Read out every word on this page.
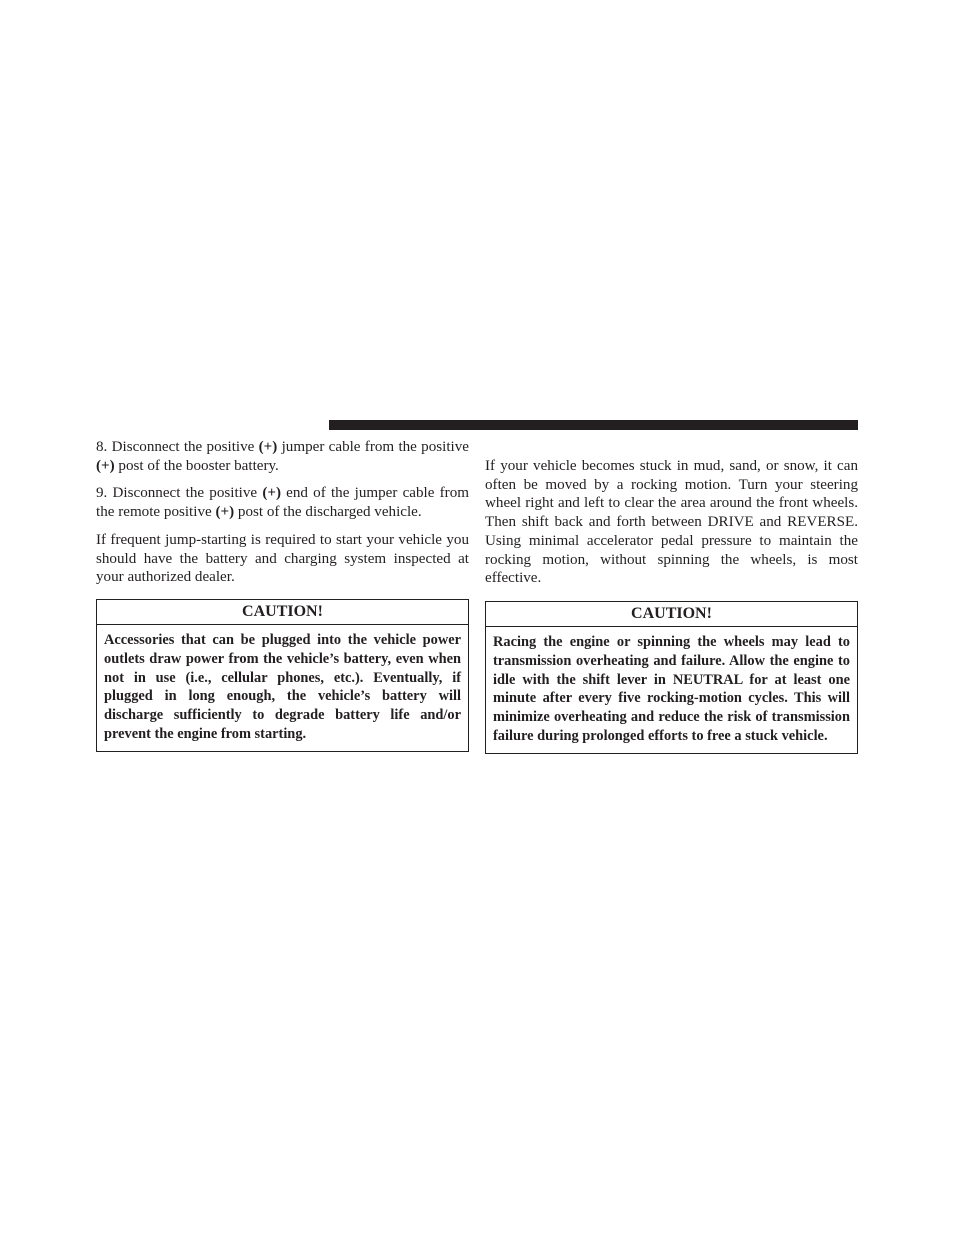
8. Disconnect the positive (+) jumper cable from the positive (+) post of the booster battery.

9. Disconnect the positive (+) end of the jumper cable from the remote positive (+) post of the discharged vehicle.

If frequent jump-starting is required to start your vehicle you should have the battery and charging system inspected at your authorized dealer.

CAUTION!
Accessories that can be plugged into the vehicle power outlets draw power from the vehicle’s battery, even when not in use (i.e., cellular phones, etc.). Eventually, if plugged in long enough, the vehicle’s battery will discharge sufficiently to degrade battery life and/or prevent the engine from starting.

If your vehicle becomes stuck in mud, sand, or snow, it can often be moved by a rocking motion. Turn your steering wheel right and left to clear the area around the front wheels. Then shift back and forth between DRIVE and REVERSE. Using minimal accelerator pedal pressure to maintain the rocking motion, without spinning the wheels, is most effective.

CAUTION!
Racing the engine or spinning the wheels may lead to transmission overheating and failure. Allow the engine to idle with the shift lever in NEUTRAL for at least one minute after every five rocking-motion cycles. This will minimize overheating and reduce the risk of transmission failure during prolonged efforts to free a stuck vehicle.
